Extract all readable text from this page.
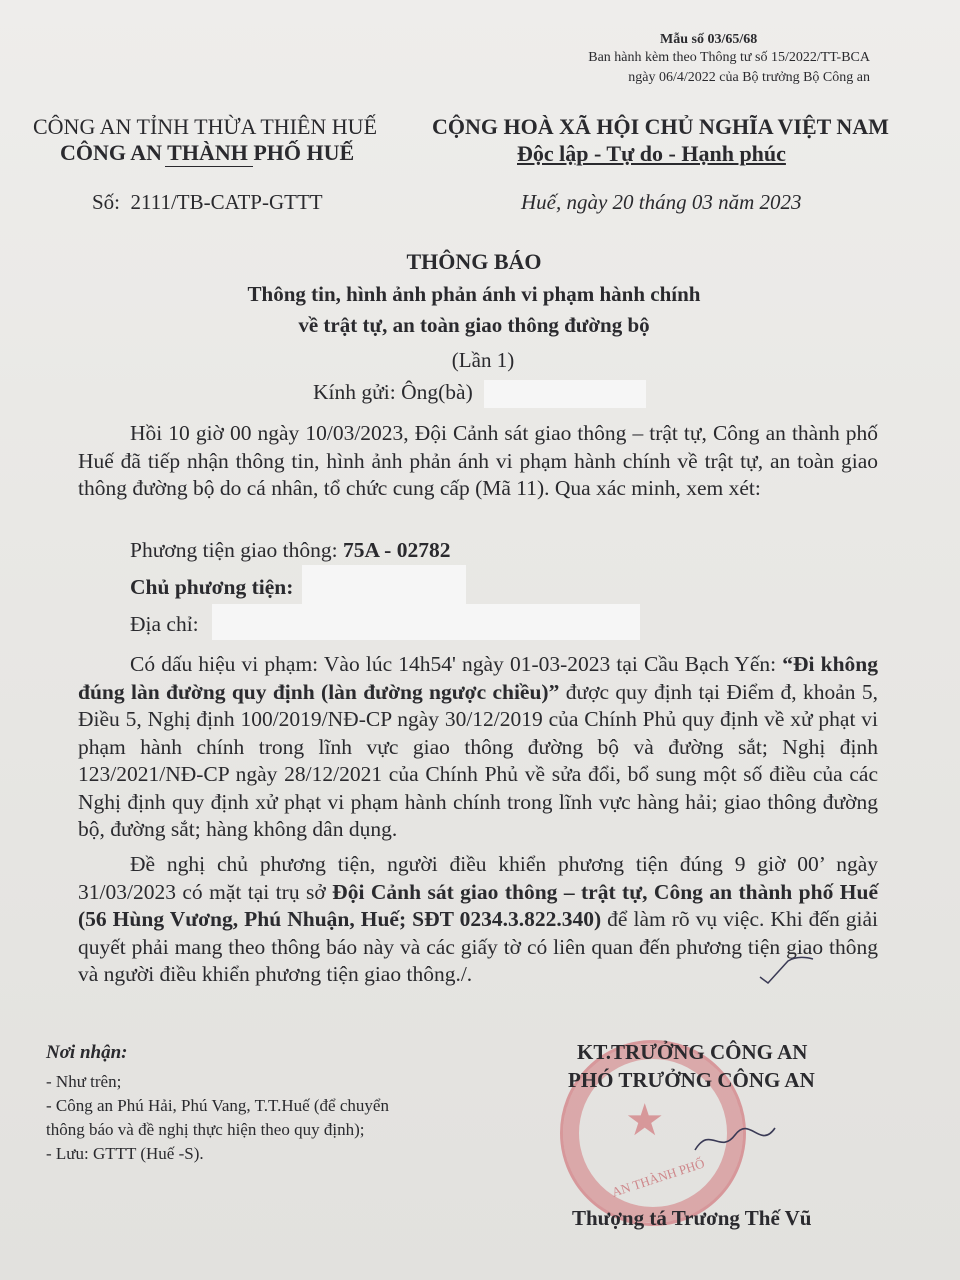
Mẫu số 03/65/68
Ban hành kèm theo Thông tư số 15/2022/TT-BCA
ngày 06/4/2022 của Bộ trưởng Bộ Công an
CÔNG AN TỈNH THỪA THIÊN HUẾ
CÔNG AN THÀNH PHỐ HUẾ
CỘNG HOÀ XÃ HỘI CHỦ NGHĨA VIỆT NAM
Độc lập - Tự do - Hạnh phúc
Số: 2111/TB-CATP-GTTT	Huế, ngày 20 tháng 03 năm 2023
THÔNG BÁO
Thông tin, hình ảnh phản ánh vi phạm hành chính
về trật tự, an toàn giao thông đường bộ
(Lần 1)
Kính gửi: Ông(bà)
Hồi 10 giờ 00 ngày 10/03/2023, Đội Cảnh sát giao thông – trật tự, Công an thành phố Huế đã tiếp nhận thông tin, hình ảnh phản ánh vi phạm hành chính về trật tự, an toàn giao thông đường bộ do cá nhân, tổ chức cung cấp (Mã 11). Qua xác minh, xem xét:
Phương tiện giao thông: 75A - 02782
Chủ phương tiện:
Địa chỉ:
Có dấu hiệu vi phạm: Vào lúc 14h54' ngày 01-03-2023 tại Cầu Bạch Yến: “Đi không đúng làn đường quy định (làn đường ngược chiều)” được quy định tại Điểm đ, khoản 5, Điều 5, Nghị định 100/2019/NĐ-CP ngày 30/12/2019 của Chính Phủ quy định về xử phạt vi phạm hành chính trong lĩnh vực giao thông đường bộ và đường sắt; Nghị định 123/2021/NĐ-CP ngày 28/12/2021 của Chính Phủ về sửa đổi, bổ sung một số điều của các Nghị định quy định xử phạt vi phạm hành chính trong lĩnh vực hàng hải; giao thông đường bộ, đường sắt; hàng không dân dụng.
Đề nghị chủ phương tiện, người điều khiển phương tiện đúng 9 giờ 00’ ngày 31/03/2023 có mặt tại trụ sở Đội Cảnh sát giao thông – trật tự, Công an thành phố Huế (56 Hùng Vương, Phú Nhuận, Huế; SĐT 0234.3.822.340) để làm rõ vụ việc. Khi đến giải quyết phải mang theo thông báo này và các giấy tờ có liên quan đến phương tiện giao thông và người điều khiển phương tiện giao thông./.
Nơi nhận:
- Như trên;
- Công an Phú Hải, Phú Vang, T.T.Huế (để chuyển
thông báo và đề nghị thực hiện theo quy định);
- Lưu: GTTT (Huế -S).
★
AN THÀNH PHỐ
KT.TRƯỞNG CÔNG AN
PHÓ TRƯỞNG CÔNG AN
Thượng tá Trương Thế Vũ
